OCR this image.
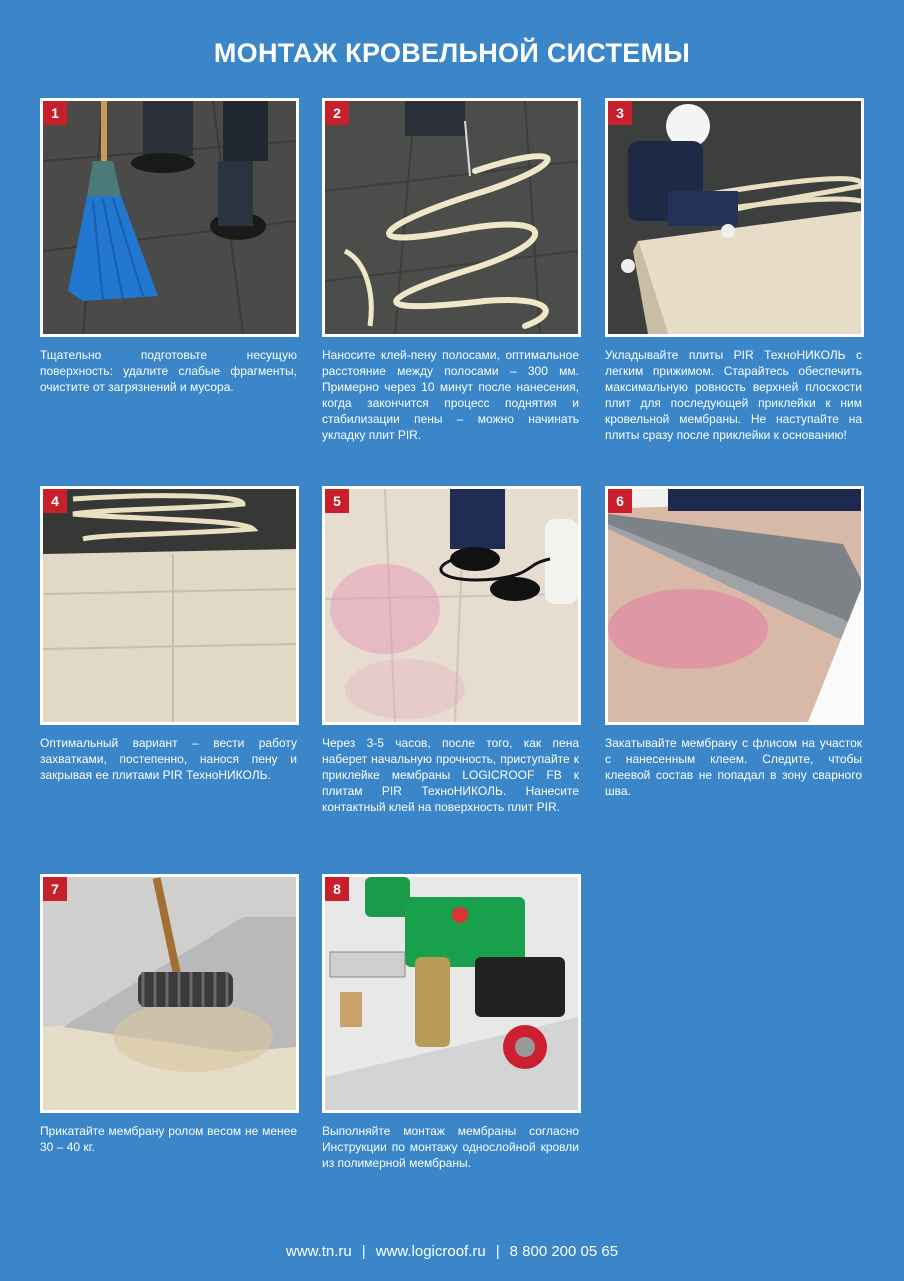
МОНТАЖ КРОВЕЛЬНОЙ СИСТЕМЫ
1
Тщательно подготовьте несущую поверхность: удалите слабые фрагменты, очистите от загрязнений и мусора.
2
Наносите клей-пену полосами, оптимальное расстояние между полосами – 300 мм. Примерно через 10 минут после нанесения, когда закончится процесс поднятия и стабилизации пены – можно начинать укладку плит PIR.
3
Укладывайте плиты PIR ТехноНИКОЛЬ с легким прижимом. Старайтесь обеспечить максимальную ровность верхней плоскости плит для последующей приклейки к ним кровельной мембраны. Не наступайте на плиты сразу после приклейки к основанию!
4
Оптимальный вариант – вести работу захватками, постепенно, нанося пену и закрывая ее плитами PIR ТехноНИКОЛЬ.
5
Через 3-5 часов, после того, как пена наберет начальную прочность, приступайте к приклейке мембраны LOGICROOF FB к плитам PIR ТехноНИКОЛЬ. Нанесите контактный клей на поверхность плит PIR.
6
Закатывайте мембрану с флисом на участок с нанесенным клеем. Следите, чтобы клеевой состав не попадал в зону сварного шва.
7
Прикатайте мембрану ролом весом не менее 30 – 40 кг.
8
Выполняйте монтаж мембраны согласно Инструкции по монтажу однослойной кровли из полимерной мембраны.
www.tn.ru | www.logicroof.ru | 8 800 200 05 65
